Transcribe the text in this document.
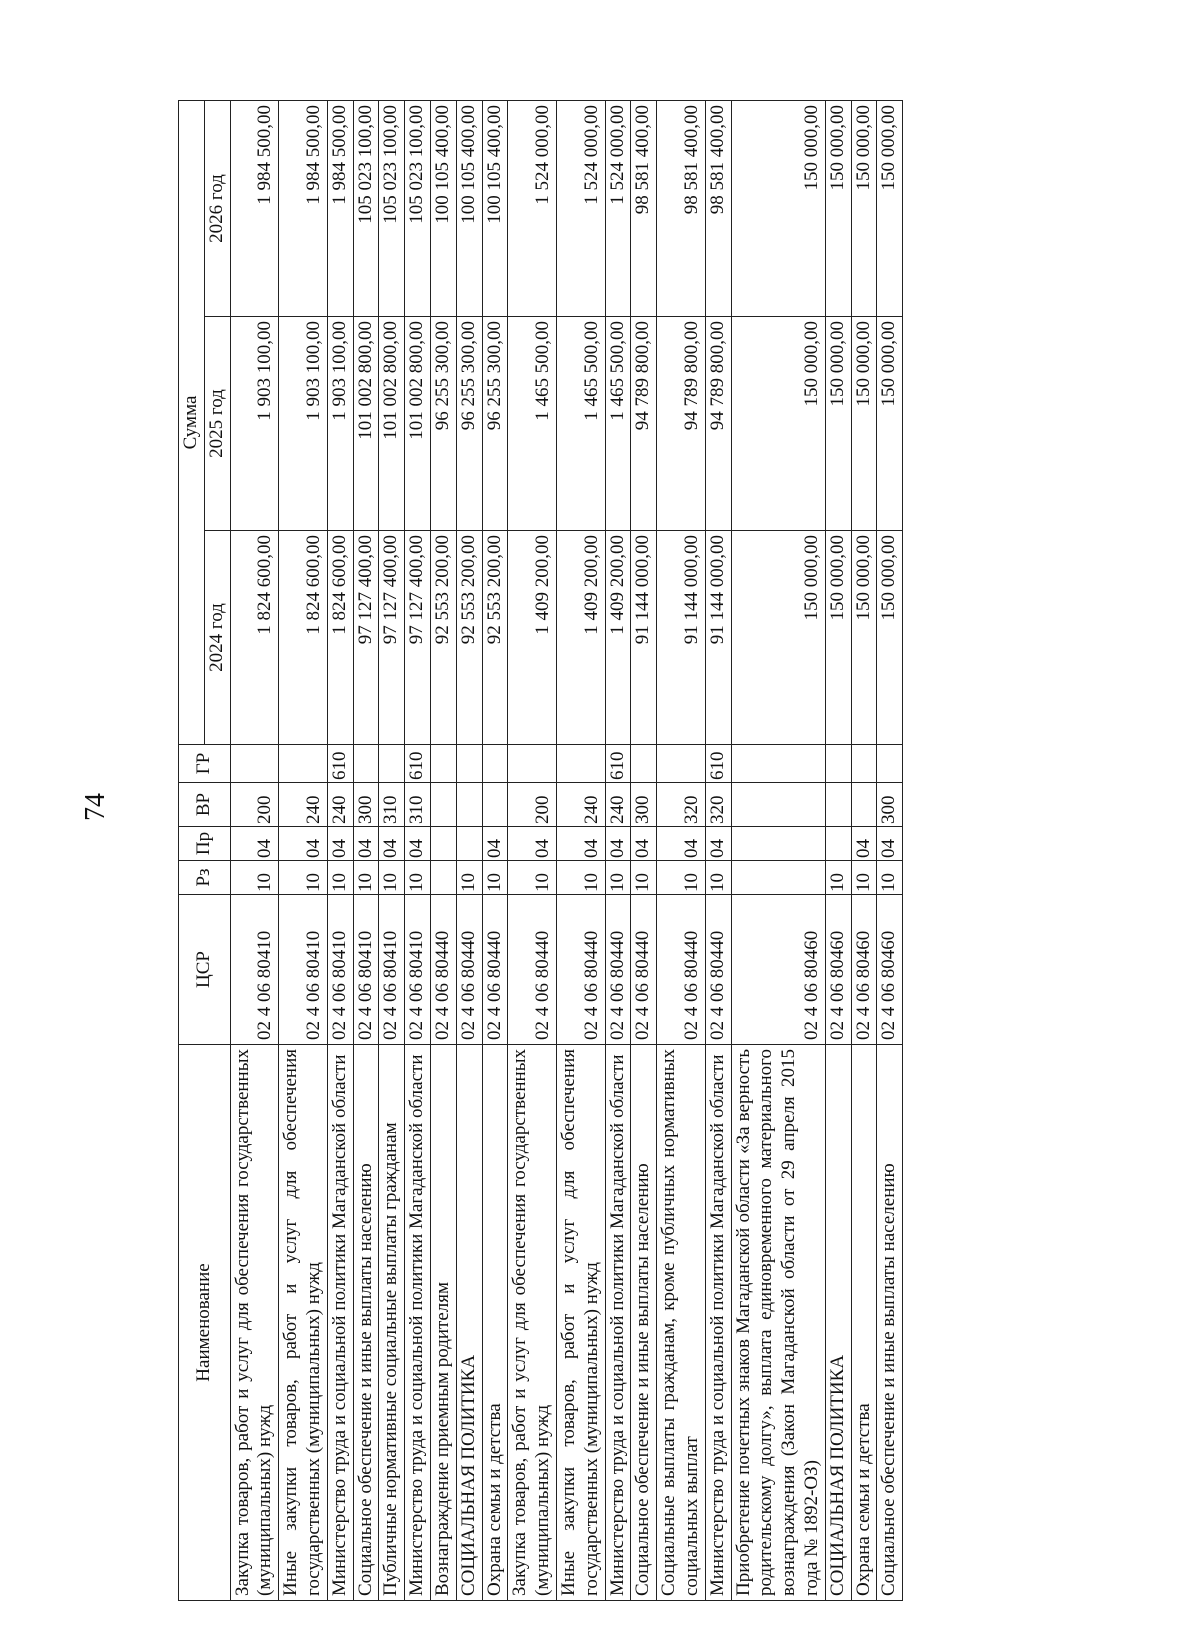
74
Наименование	ЦСР	Рз	Пр	ВР	ГР	Сумма		
						2024 год	2025 год	2026 год
Закупка товаров, работ и услуг для обеспечения государственных (муниципальных) нужд	02 4 06 80410	10	04	200		1 824 600,00	1 903 100,00	1 984 500,00
Иные закупки товаров, работ и услуг для обеспечения государственных (муниципальных) нужд	02 4 06 80410	10	04	240		1 824 600,00	1 903 100,00	1 984 500,00
Министерство труда и социальной политики Магаданской области	02 4 06 80410	10	04	240	610	1 824 600,00	1 903 100,00	1 984 500,00
Социальное обеспечение и иные выплаты населению	02 4 06 80410	10	04	300		97 127 400,00	101 002 800,00	105 023 100,00
Публичные нормативные социальные выплаты гражданам	02 4 06 80410	10	04	310		97 127 400,00	101 002 800,00	105 023 100,00
Министерство труда и социальной политики Магаданской области	02 4 06 80410	10	04	310	610	97 127 400,00	101 002 800,00	105 023 100,00
Вознаграждение приемным родителям	02 4 06 80440					92 553 200,00	96 255 300,00	100 105 400,00
СОЦИАЛЬНАЯ ПОЛИТИКА	02 4 06 80440	10				92 553 200,00	96 255 300,00	100 105 400,00
Охрана семьи и детства	02 4 06 80440	10	04			92 553 200,00	96 255 300,00	100 105 400,00
Закупка товаров, работ и услуг для обеспечения государственных (муниципальных) нужд	02 4 06 80440	10	04	200		1 409 200,00	1 465 500,00	1 524 000,00
Иные закупки товаров, работ и услуг для обеспечения государственных (муниципальных) нужд	02 4 06 80440	10	04	240		1 409 200,00	1 465 500,00	1 524 000,00
Министерство труда и социальной политики Магаданской области	02 4 06 80440	10	04	240	610	1 409 200,00	1 465 500,00	1 524 000,00
Социальное обеспечение и иные выплаты населению	02 4 06 80440	10	04	300		91 144 000,00	94 789 800,00	98 581 400,00
Социальные выплаты гражданам, кроме публичных нормативных социальных выплат	02 4 06 80440	10	04	320		91 144 000,00	94 789 800,00	98 581 400,00
Министерство труда и социальной политики Магаданской области	02 4 06 80440	10	04	320	610	91 144 000,00	94 789 800,00	98 581 400,00
Приобретение почетных знаков Магаданской области «За верность родительскому долгу», выплата единовременного материального вознаграждения (Закон Магаданской области от 29 апреля 2015 года № 1892-ОЗ)	02 4 06 80460					150 000,00	150 000,00	150 000,00
СОЦИАЛЬНАЯ ПОЛИТИКА	02 4 06 80460	10				150 000,00	150 000,00	150 000,00
Охрана семьи и детства	02 4 06 80460	10	04			150 000,00	150 000,00	150 000,00
Социальное обеспечение и иные выплаты населению	02 4 06 80460	10	04	300		150 000,00	150 000,00	150 000,00
